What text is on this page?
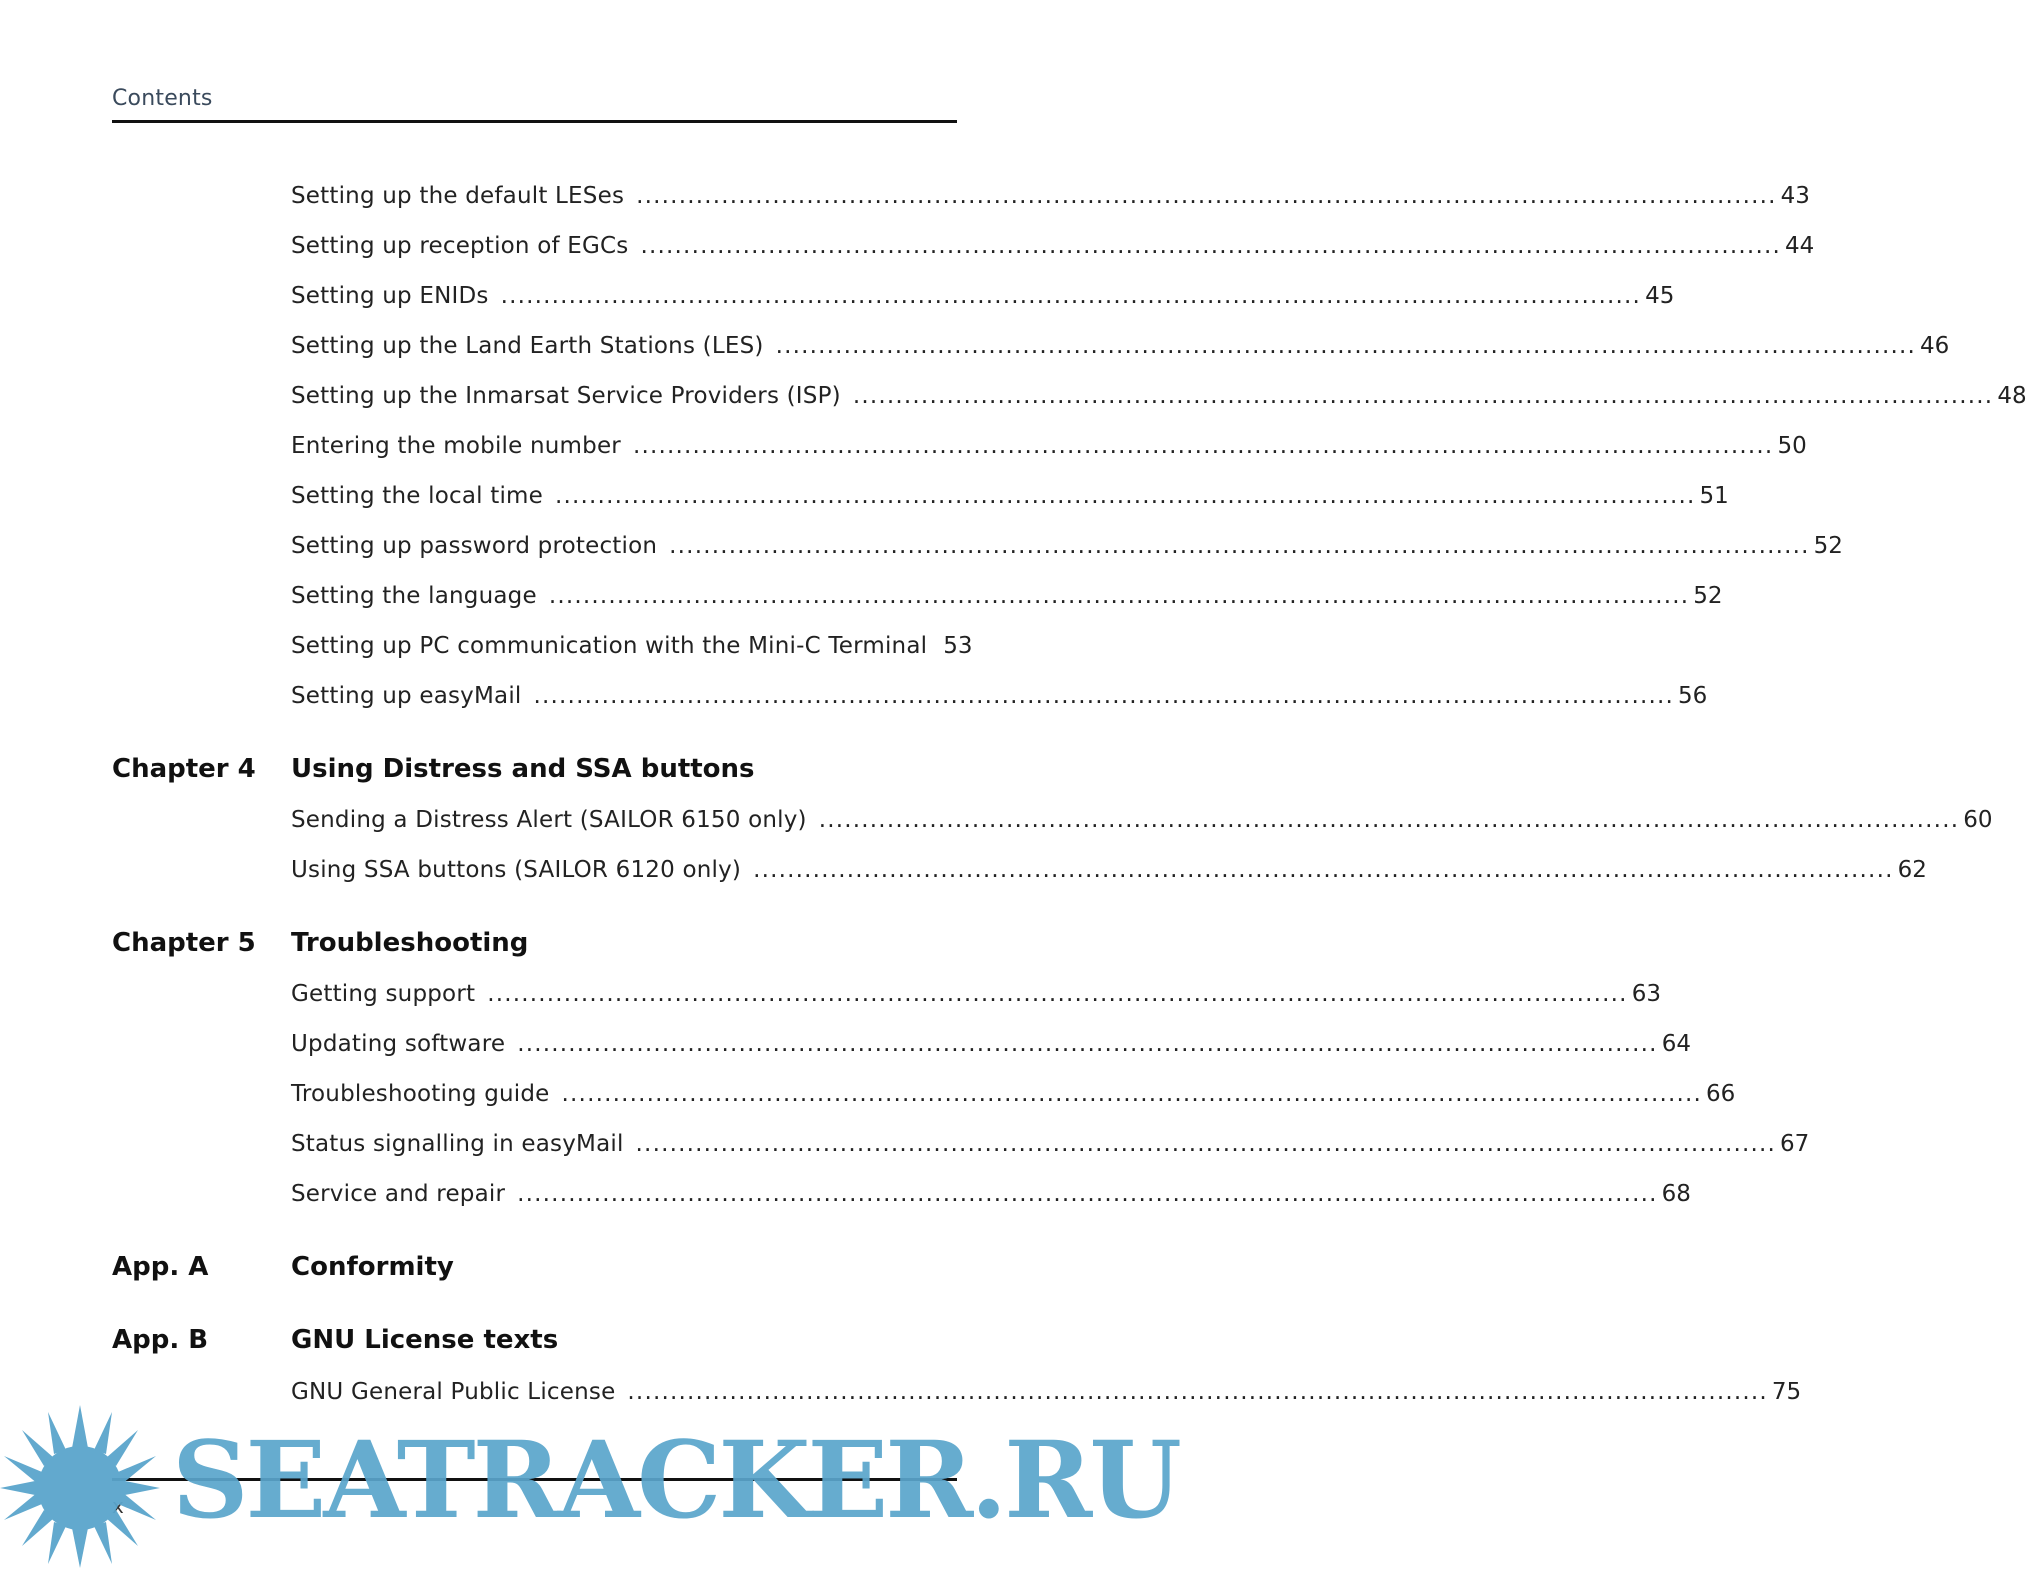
Contents
Setting up the default LESes ...................................................................................................................................... 43
Setting up reception of EGCs ...................................................................................................................................... 44
Setting up ENIDs ...................................................................................................................................... 45
Setting up the Land Earth Stations (LES) ...................................................................................................................................... 46
Setting up the Inmarsat Service Providers (ISP) ...................................................................................................................................... 48
Entering the mobile number ...................................................................................................................................... 50
Setting the local time ...................................................................................................................................... 51
Setting up password protection ...................................................................................................................................... 52
Setting the language ...................................................................................................................................... 52
Setting up PC communication with the Mini-C Terminal 53
Setting up easyMail ...................................................................................................................................... 56
Chapter 4 Using Distress and SSA buttons
Sending a Distress Alert (SAILOR 6150 only) ...................................................................................................................................... 60
Using SSA buttons (SAILOR 6120 only) ...................................................................................................................................... 62
Chapter 5 Troubleshooting
Getting support ...................................................................................................................................... 63
Updating software ...................................................................................................................................... 64
Troubleshooting guide ...................................................................................................................................... 66
Status signalling in easyMail ...................................................................................................................................... 67
Service and repair ...................................................................................................................................... 68
App. A	Conformity
App. B	GNU License texts
GNU General Public License ...................................................................................................................................... 75
SEATRACKER.RU
